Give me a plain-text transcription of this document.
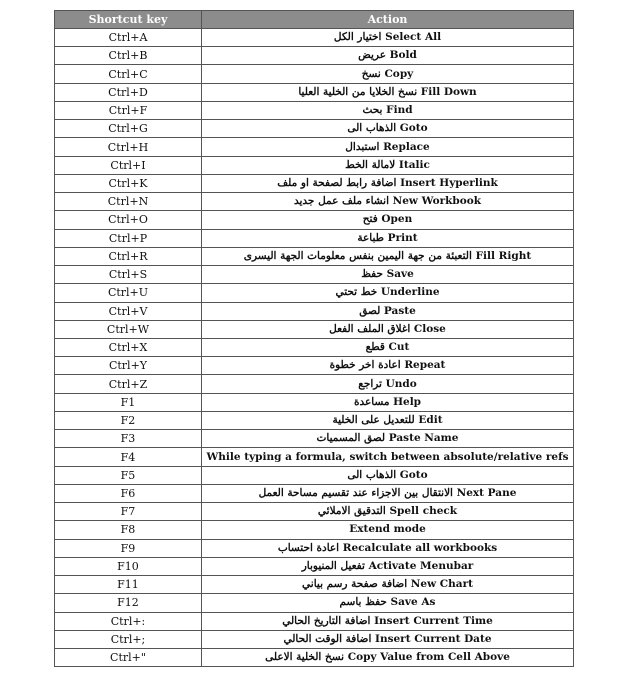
Shortcut key	Action
Ctrl+A	اختيار الكل Select All
Ctrl+B	عريض Bold
Ctrl+C	نسخ Copy
Ctrl+D	نسخ الخلايا من الخلية العليا Fill Down
Ctrl+F	بحث Find
Ctrl+G	الذهاب الى Goto
Ctrl+H	استبدال Replace
Ctrl+I	لامالة الخط Italic
Ctrl+K	اضافة رابط لصفحة او ملف Insert Hyperlink
Ctrl+N	انشاء ملف عمل جديد New Workbook
Ctrl+O	فتح Open
Ctrl+P	طباعة Print
Ctrl+R	التعبئة من جهة اليمين بنفس معلومات الجهة اليسرى Fill Right
Ctrl+S	حفظ Save
Ctrl+U	خط تحتي Underline
Ctrl+V	لصق Paste
Ctrl+W	اغلاق الملف الفعل Close
Ctrl+X	قطع Cut
Ctrl+Y	اعادة اخر خطوة Repeat
Ctrl+Z	تراجع Undo
F1	مساعدة Help
F2	للتعديل على الخلية Edit
F3	لصق المسميات Paste Name
F4	While typing a formula, switch between absolute/relative refs
F5	الذهاب الى Goto
F6	الانتقال بين الاجزاء عند تقسيم مساحة العمل Next Pane
F7	التدقيق الاملائي Spell check
F8	Extend mode
F9	اعادة احتساب Recalculate all workbooks
F10	تفعيل المنيوبار Activate Menubar
F11	اضافة صفحة رسم بياني New Chart
F12	حفظ باسم Save As
Ctrl+:	اضافة التاريخ الحالي Insert Current Time
Ctrl+;	اضافة الوقت الحالي Insert Current Date
Ctrl+"	نسخ الخلية الاعلى Copy Value from Cell Above
